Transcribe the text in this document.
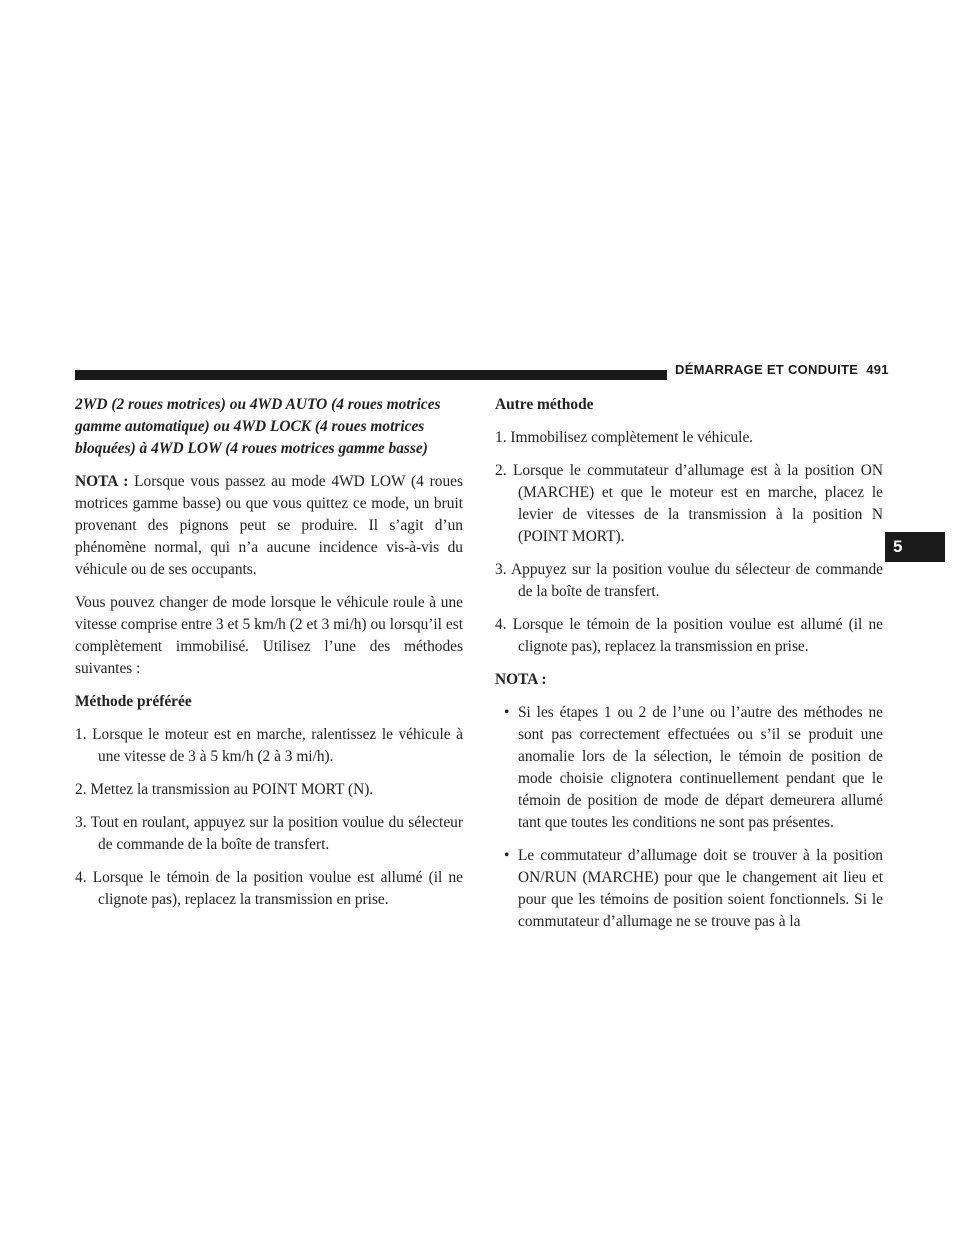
DÉMARRAGE ET CONDUITE 491
5

2WD (2 roues motrices) ou 4WD AUTO (4 roues motrices gamme automatique) ou 4WD LOCK (4 roues motrices bloquées) à 4WD LOW (4 roues motrices gamme basse)

NOTA : Lorsque vous passez au mode 4WD LOW (4 roues motrices gamme basse) ou que vous quittez ce mode, un bruit provenant des pignons peut se produire. Il s’agit d’un phénomène normal, qui n’a aucune incidence vis-à-vis du véhicule ou de ses occupants.

Vous pouvez changer de mode lorsque le véhicule roule à une vitesse comprise entre 3 et 5 km/h (2 et 3 mi/h) ou lorsqu’il est complètement immobilisé. Utilisez l’une des méthodes suivantes :

Méthode préférée

1. Lorsque le moteur est en marche, ralentissez le véhicule à une vitesse de 3 à 5 km/h (2 à 3 mi/h).

2. Mettez la transmission au POINT MORT (N).

3. Tout en roulant, appuyez sur la position voulue du sélecteur de commande de la boîte de transfert.

4. Lorsque le témoin de la position voulue est allumé (il ne clignote pas), replacez la transmission en prise.

Autre méthode

1. Immobilisez complètement le véhicule.

2. Lorsque le commutateur d’allumage est à la position ON (MARCHE) et que le moteur est en marche, placez le levier de vitesses de la transmission à la position N (POINT MORT).

3. Appuyez sur la position voulue du sélecteur de commande de la boîte de transfert.

4. Lorsque le témoin de la position voulue est allumé (il ne clignote pas), replacez la transmission en prise.

NOTA :

• Si les étapes 1 ou 2 de l’une ou l’autre des méthodes ne sont pas correctement effectuées ou s’il se produit une anomalie lors de la sélection, le témoin de position de mode choisie clignotera continuellement pendant que le témoin de position de mode de départ demeurera allumé tant que toutes les conditions ne sont pas présentes.

• Le commutateur d’allumage doit se trouver à la position ON/RUN (MARCHE) pour que le changement ait lieu et pour que les témoins de position soient fonctionnels. Si le commutateur d’allumage ne se trouve pas à la
